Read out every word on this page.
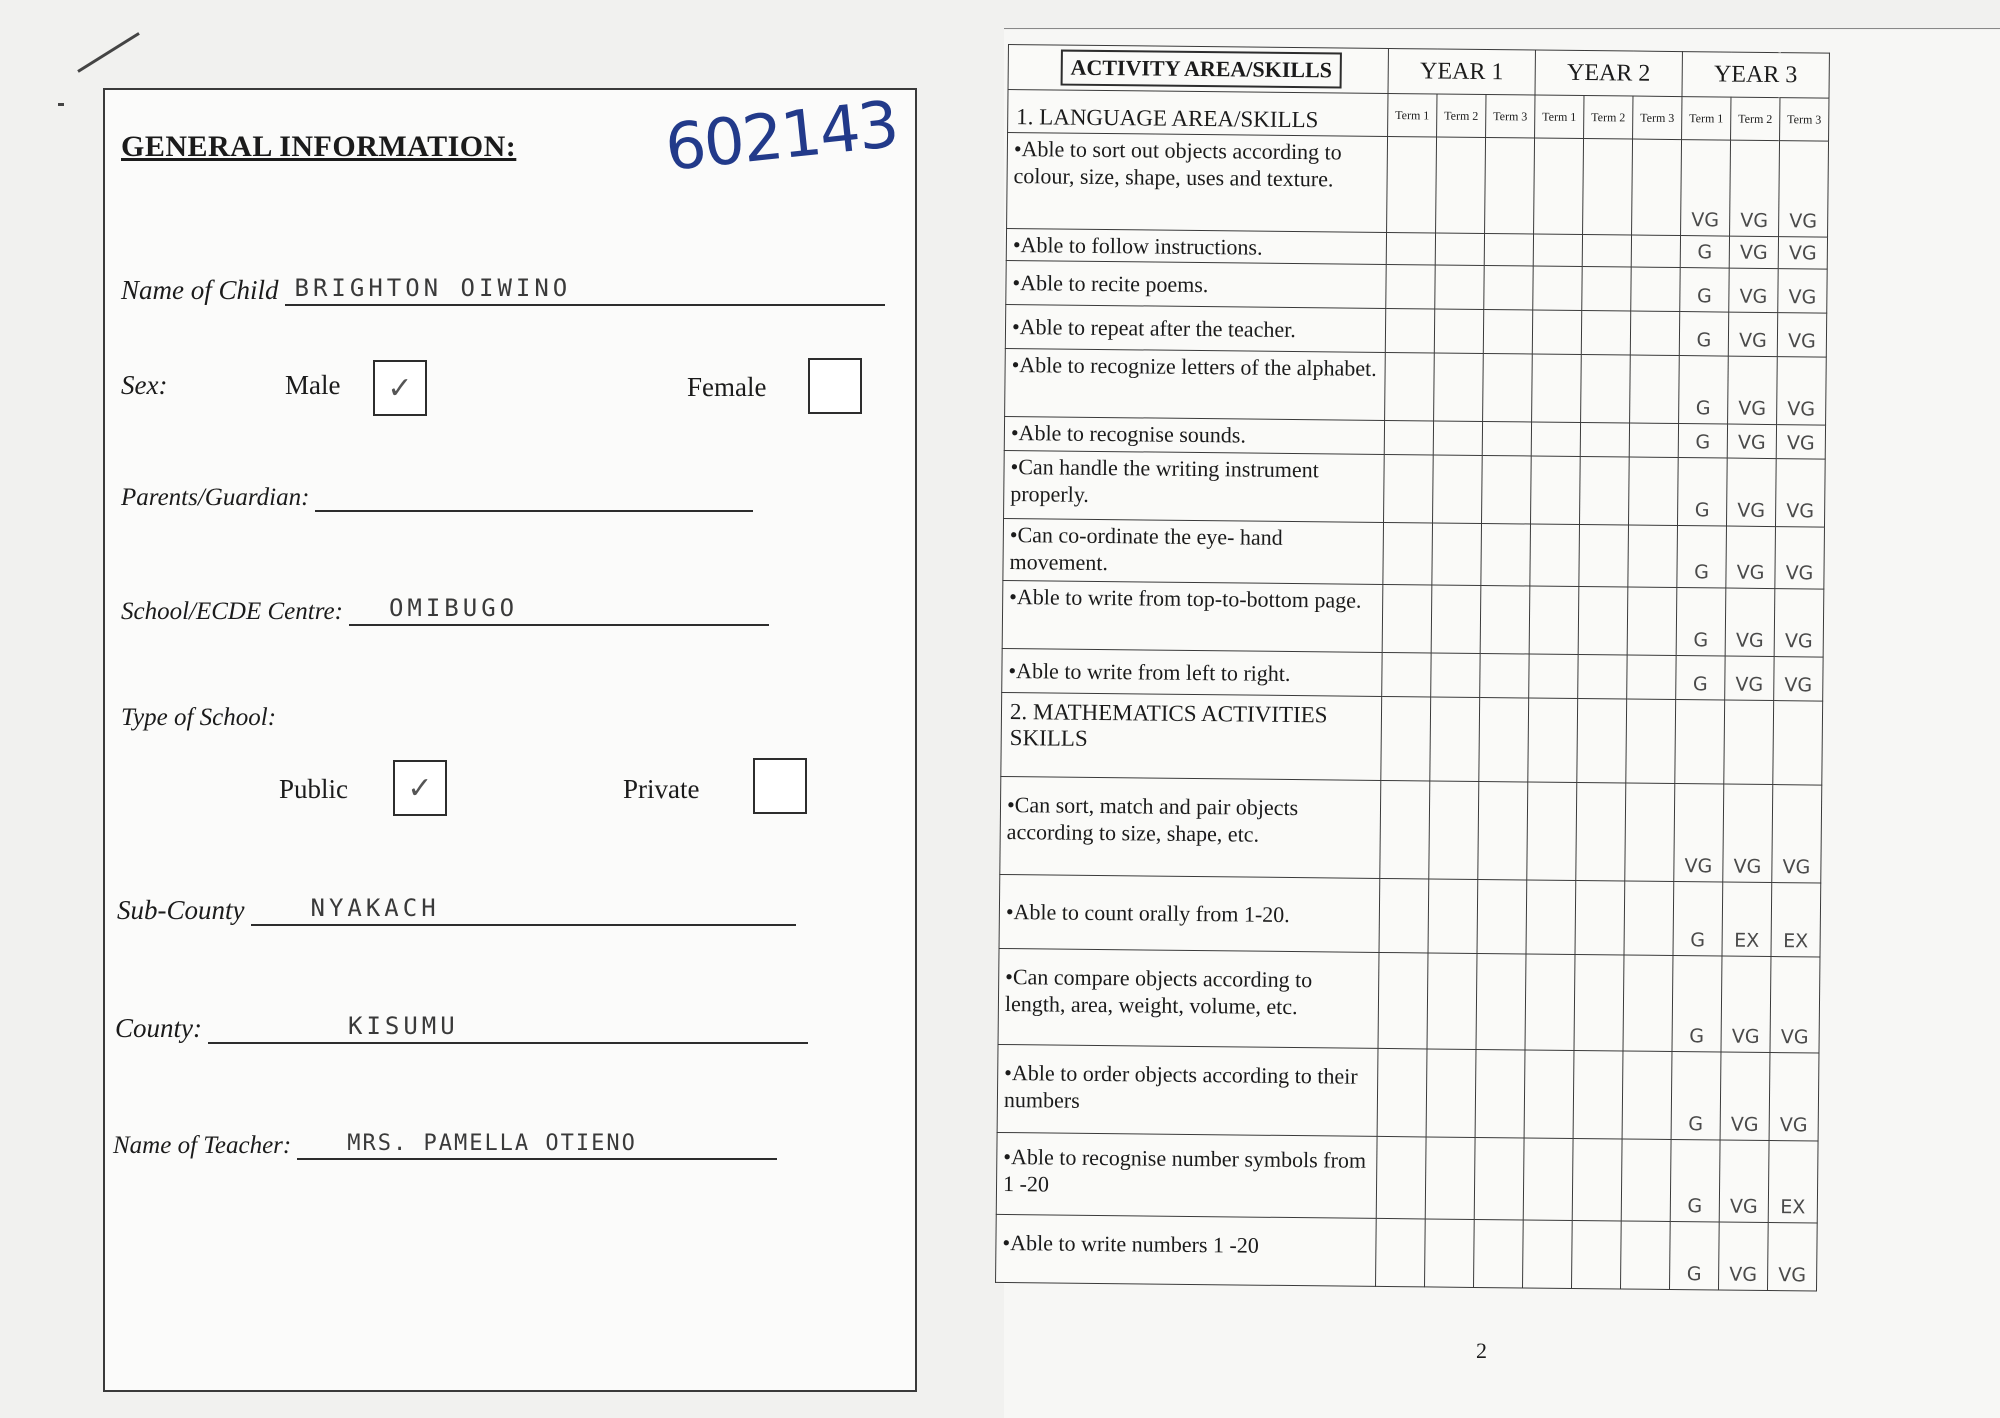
GENERAL INFORMATION: 602143
Name of Child BRIGHTON OIWINO
Sex:	Male	✓	Female
Parents/Guardian:
School/ECDE Centre: OMIBUGO
Type of School:
Public	✓	Private
Sub-County	NYAKACH
County:	KISUMU
Name of Teacher:	MRS. PAMELLA OTIENO
ACTIVITY AREA/SKILLS	YEAR 1			YEAR 2			YEAR 3		
1. LANGUAGE AREA/SKILLS	Term 1	Term 2	Term 3	Term 1	Term 2	Term 3	Term 1	Term 2	Term 3
•Able to sort out objects according to colour, size, shape, uses and texture.							VG	VG	VG
•Able to follow instructions.							G	VG	VG
•Able to recite poems.							G	VG	VG
•Able to repeat after the teacher.							G	VG	VG
•Able to recognize letters of the alphabet.							G	VG	VG
•Able to recognise sounds.							G	VG	VG
•Can handle the writing instrument properly.							G	VG	VG
•Can co-ordinate the eye- hand movement.							G	VG	VG
•Able to write from top-to-bottom page.							G	VG	VG
•Able to write from left to right.							G	VG	VG
2. MATHEMATICS ACTIVITIES SKILLS									
•Can sort, match and pair objects according to size, shape, etc.							VG	VG	VG
•Able to count orally from 1-20.							G	EX	EX
•Can compare objects according to length, area, weight, volume, etc.							G	VG	VG
•Able to order objects according to their numbers							G	VG	VG
•Able to recognise number symbols from 1 -20							G	VG	EX
•Able to write numbers 1 -20							G	VG	VG
2
